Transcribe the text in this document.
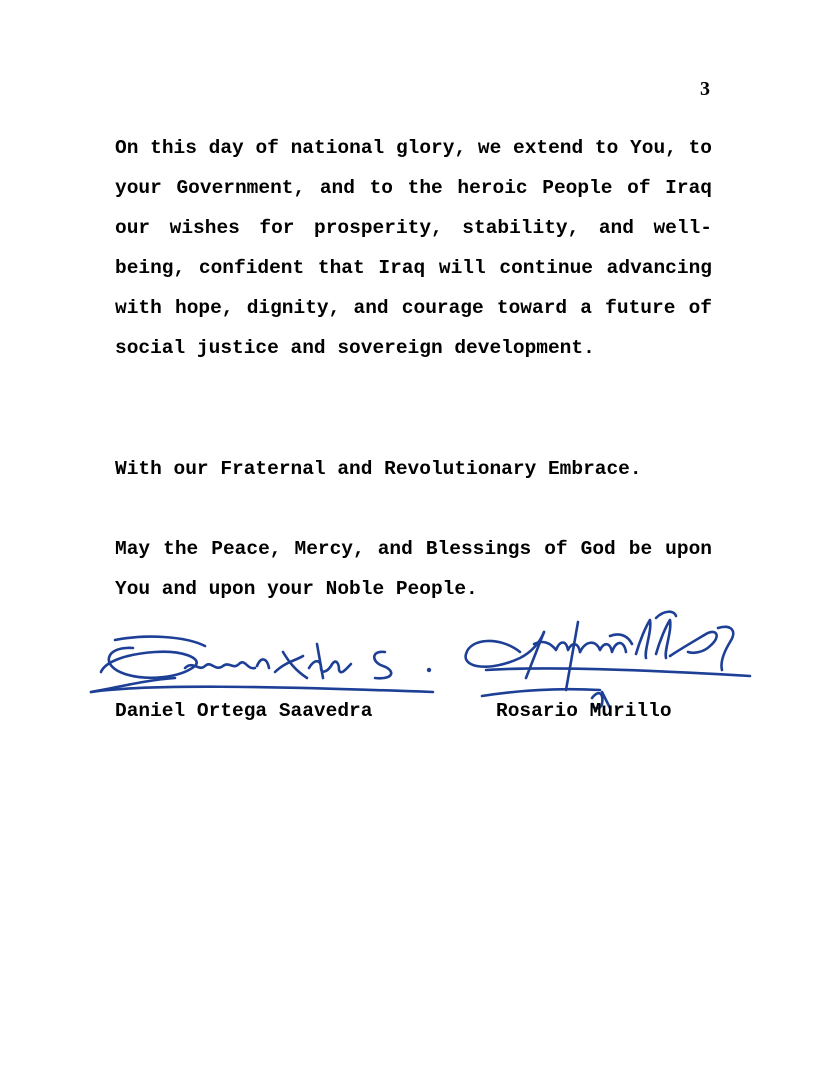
3

On this day of national glory, we extend to You, to your Government, and to the heroic People of Iraq our wishes for prosperity, stability, and well-being, confident that Iraq will continue advancing with hope, dignity, and courage toward a future of social justice and sovereign development.

With our Fraternal and Revolutionary Embrace.

May the Peace, Mercy, and Blessings of God be upon You and upon your Noble People.

Daniel Ortega Saavedra	Rosario Murillo
